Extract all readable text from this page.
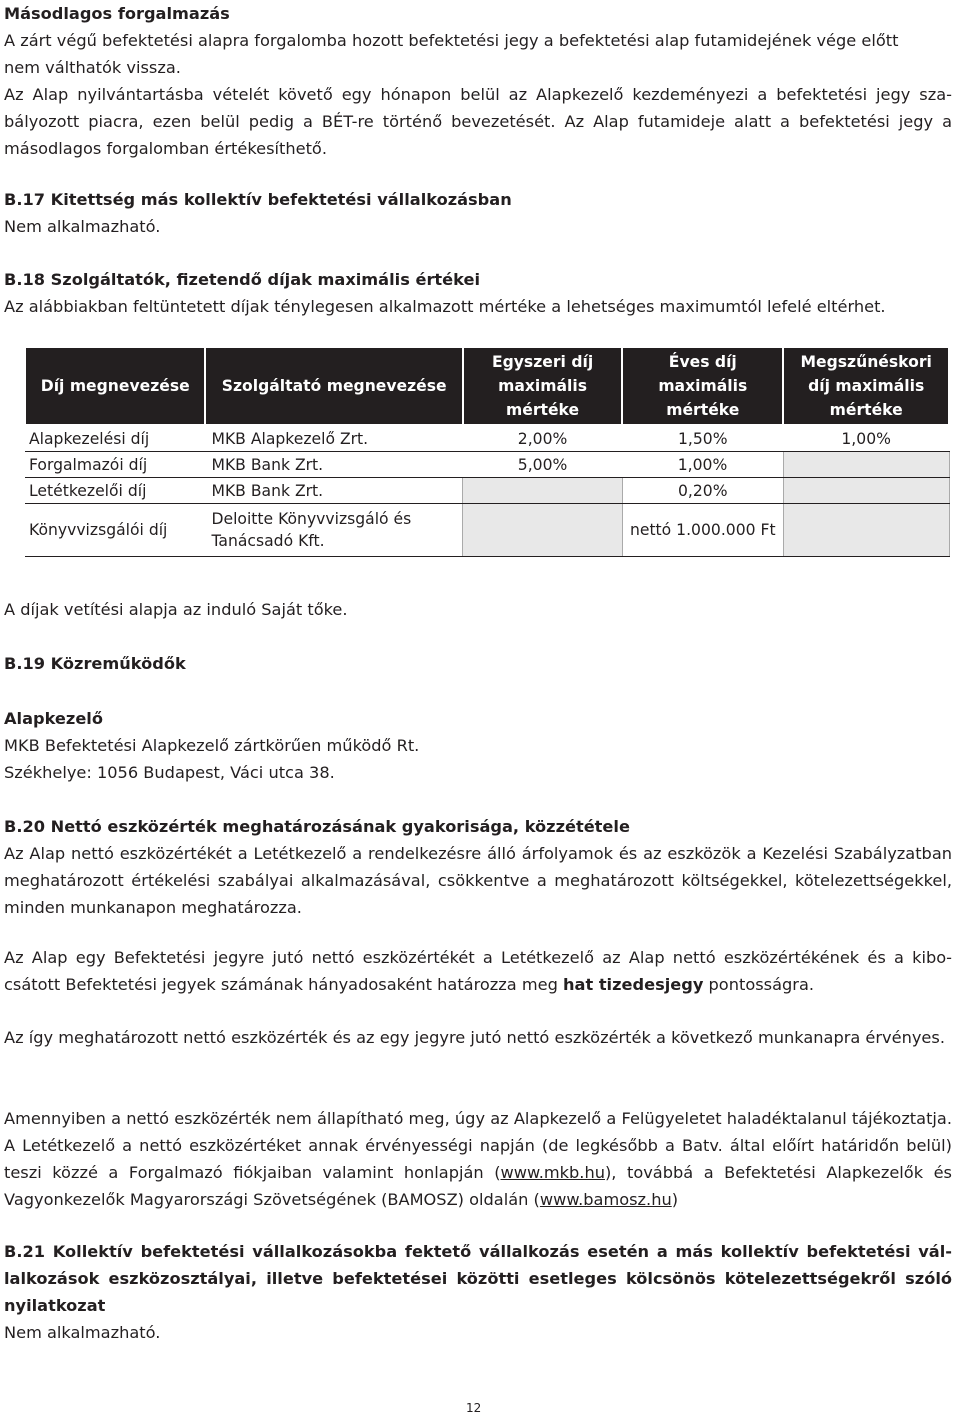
Másodlagos forgalmazás

A zárt végű befektetési alapra forgalomba hozott befektetési jegy a befektetési alap futamidejének vége előtt

nem válthatók vissza.

Az Alap nyilvántartásba vételét követő egy hónapon belül az Alapkezelő kezdeményezi a befektetési jegy szabályozott piacra, ezen belül pedig a BÉT-re történő bevezetését. Az Alap futamideje alatt a befektetési jegy a másodlagos forgalomban értékesíthető.

B.17 Kitettség más kollektív befektetési vállalkozásban

Nem alkalmazható.

B.18 Szolgáltatók, fizetendő díjak maximális értékei

Az alábbiakban feltüntetett díjak ténylegesen alkalmazott mértéke a lehetséges maximumtól lefelé eltérhet.

Díj megnevezése	Szolgáltató megnevezése	Egyszeri díj maximális mértéke	Éves díj maximális mértéke	Megszűnéskori díj maximális mértéke
Alapkezelési díj	MKB Alapkezelő Zrt.	2,00%	1,50%	1,00%
Forgalmazói díj	MKB Bank Zrt.	5,00%	1,00%	
Letétkezelői díj	MKB Bank Zrt.		0,20%	
Könyvvizsgálói díj	Deloitte Könyvvizsgáló és Tanácsadó Kft.		nettó 1.000.000 Ft	

A díjak vetítési alapja az induló Saját tőke.

B.19 Közreműködők

Alapkezelő

MKB Befektetési Alapkezelő zártkörűen működő Rt.

Székhelye: 1056 Budapest, Váci utca 38.

B.20 Nettó eszközérték meghatározásának gyakorisága, közzététele

Az Alap nettó eszközértékét a Letétkezelő a rendelkezésre álló árfolyamok és az eszközök a Kezelési Szabályzatban meghatározott értékelési szabályai alkalmazásával, csökkentve a meghatározott költségekkel, kötelezettségekkel, minden munkanapon meghatározza.

Az Alap egy Befektetési jegyre jutó nettó eszközértékét a Letétkezelő az Alap nettó eszközértékének és a kibocsátott Befektetési jegyek számának hányadosaként határozza meg hat tizedesjegy pontosságra.
Az így meghatározott nettó eszközérték és az egy jegyre jutó nettó eszközérték a következő munkanapra érvényes.
Amennyiben a nettó eszközérték nem állapítható meg, úgy az Alapkezelő a Felügyeletet haladéktalanul tájékoztatja. A Letétkezelő a nettó eszközértéket annak érvényességi napján (de legkésőbb a Batv. által előírt határidőn belül) teszi közzé a Forgalmazó fiókjaiban valamint honlapján (www.mkb.hu), továbbá a Befektetési Alapkezelők és Vagyonkezelők Magyarországi Szövetségének (BAMOSZ) oldalán (www.bamosz.hu)

B.21 Kollektív befektetési vállalkozásokba fektető vállalkozás esetén a más kollektív befektetési vállalkozások eszközosztályai, illetve befektetései közötti esetleges kölcsönös kötelezettségekről szóló nyilatkozat

Nem alkalmazható.

12
